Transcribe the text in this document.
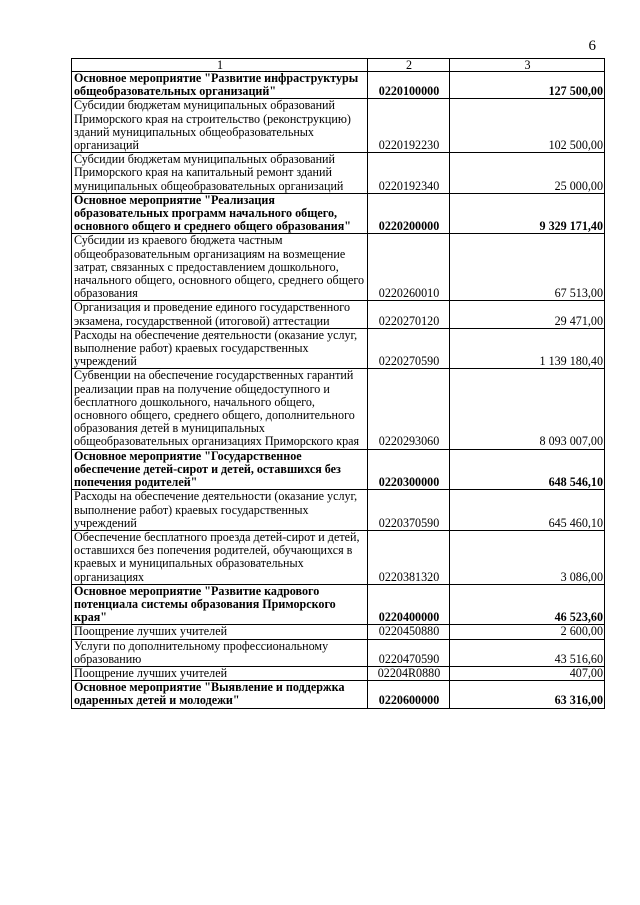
6
1	2	3
Основное мероприятие "Развитие инфраструктуры общеобразовательных организаций"	0220100000	127 500,00
Субсидии бюджетам муниципальных образований Приморского края на строительство (реконструкцию) зданий муниципальных общеобразовательных организаций	0220192230	102 500,00
Субсидии бюджетам муниципальных образований Приморского края на капитальный ремонт зданий муниципальных общеобразовательных организаций	0220192340	25 000,00
Основное мероприятие "Реализация образовательных программ начального общего, основного общего и среднего общего образования"	0220200000	9 329 171,40
Субсидии из краевого бюджета частным общеобразовательным организациям на возмещение затрат, связанных с предоставлением дошкольного, начального общего, основного общего, среднего общего образования	0220260010	67 513,00
Организация и проведение единого государственного экзамена, государственной (итоговой) аттестации	0220270120	29 471,00
Расходы на обеспечение деятельности (оказание услуг, выполнение работ) краевых государственных учреждений	0220270590	1 139 180,40
Субвенции на обеспечение государственных гарантий реализации прав на получение общедоступного и бесплатного дошкольного, начального общего, основного общего, среднего общего, дополнительного образования детей в муниципальных общеобразовательных организациях Приморского края	0220293060	8 093 007,00
Основное мероприятие "Государственное обеспечение детей-сирот и детей, оставшихся без попечения родителей"	0220300000	648 546,10
Расходы на обеспечение деятельности (оказание услуг, выполнение работ) краевых государственных учреждений	0220370590	645 460,10
Обеспечение бесплатного проезда детей-сирот и детей, оставшихся без попечения родителей, обучающихся в краевых и муниципальных образовательных организациях	0220381320	3 086,00
Основное мероприятие "Развитие кадрового потенциала системы образования Приморского края"	0220400000	46 523,60
Поощрение лучших учителей	0220450880	2 600,00
Услуги по дополнительному профессиональному образованию	0220470590	43 516,60
Поощрение лучших учителей	02204R0880	407,00
Основное мероприятие "Выявление и поддержка одаренных детей и молодежи"	0220600000	63 316,00
